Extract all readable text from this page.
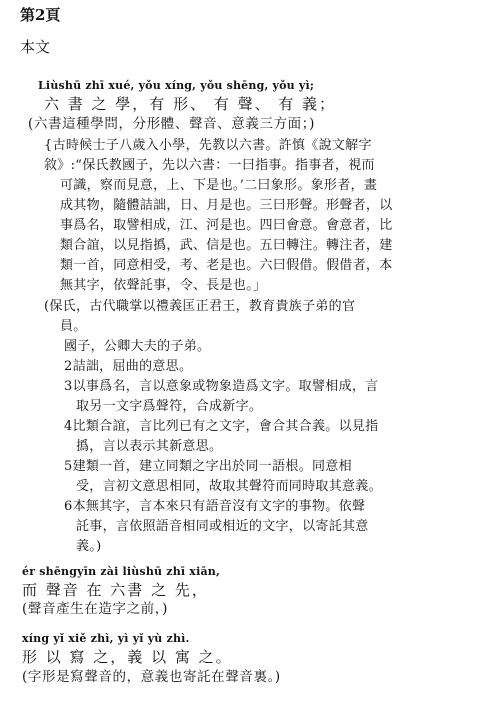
第2頁
本文
Liùshū zhī xué, yǒu xíng, yǒu shēng, yǒu yì;
六 書 之 學，有 形、 有 聲、 有 義；
(六書這種學問，分形體、聲音、意義三方面；)
{古時候士子八歲入小學，先教以六書。許慎《說文解字
敘》:“保氏教國子，先以六書：一曰指事。指事者，視而
可識，察而見意，上、下是也。’二曰象形。象形者，畫
成其物，隨體詰詘，日、月是也。三曰形聲。形聲者，以
事爲名，取譬相成，江、河是也。四曰會意。會意者，比
類合誼，以見指撝，武、信是也。五曰轉注。轉注者，建
類一首，同意相受，考、老是也。六曰假借。假借者，本
無其字，依聲託事，令、長是也。」
(保氏，古代職掌以禮義匡正君王，教育貴族子弟的官
員。
國子，公卿大夫的子弟。
2詰詘，屈曲的意思。
3以事爲名，言以意象或物象造爲文字。取譬相成，言
取另一文字爲聲符，合成新字。
4比類合誼，言比列已有之文字，會合其合義。以見指
撝，言以表示其新意思。
5建類一首，建立同類之字出於同一語根。同意相
受，言初文意思相同，故取其聲符而同時取其意義。
6本無其字，言本來只有語音沒有文字的事物。依聲
託事，言依照語音相同或相近的文字，以寄託其意
義。)
ér shēngyīn zài liùshū zhī xiān,
而 聲音 在 六書 之 先，
(聲音產生在造字之前，)
xíng yǐ xiě zhì, yì yǐ yù zhì.
形 以 寫 之，義 以 寓 之。
(字形是寫聲音的，意義也寄託在聲音裏。)
